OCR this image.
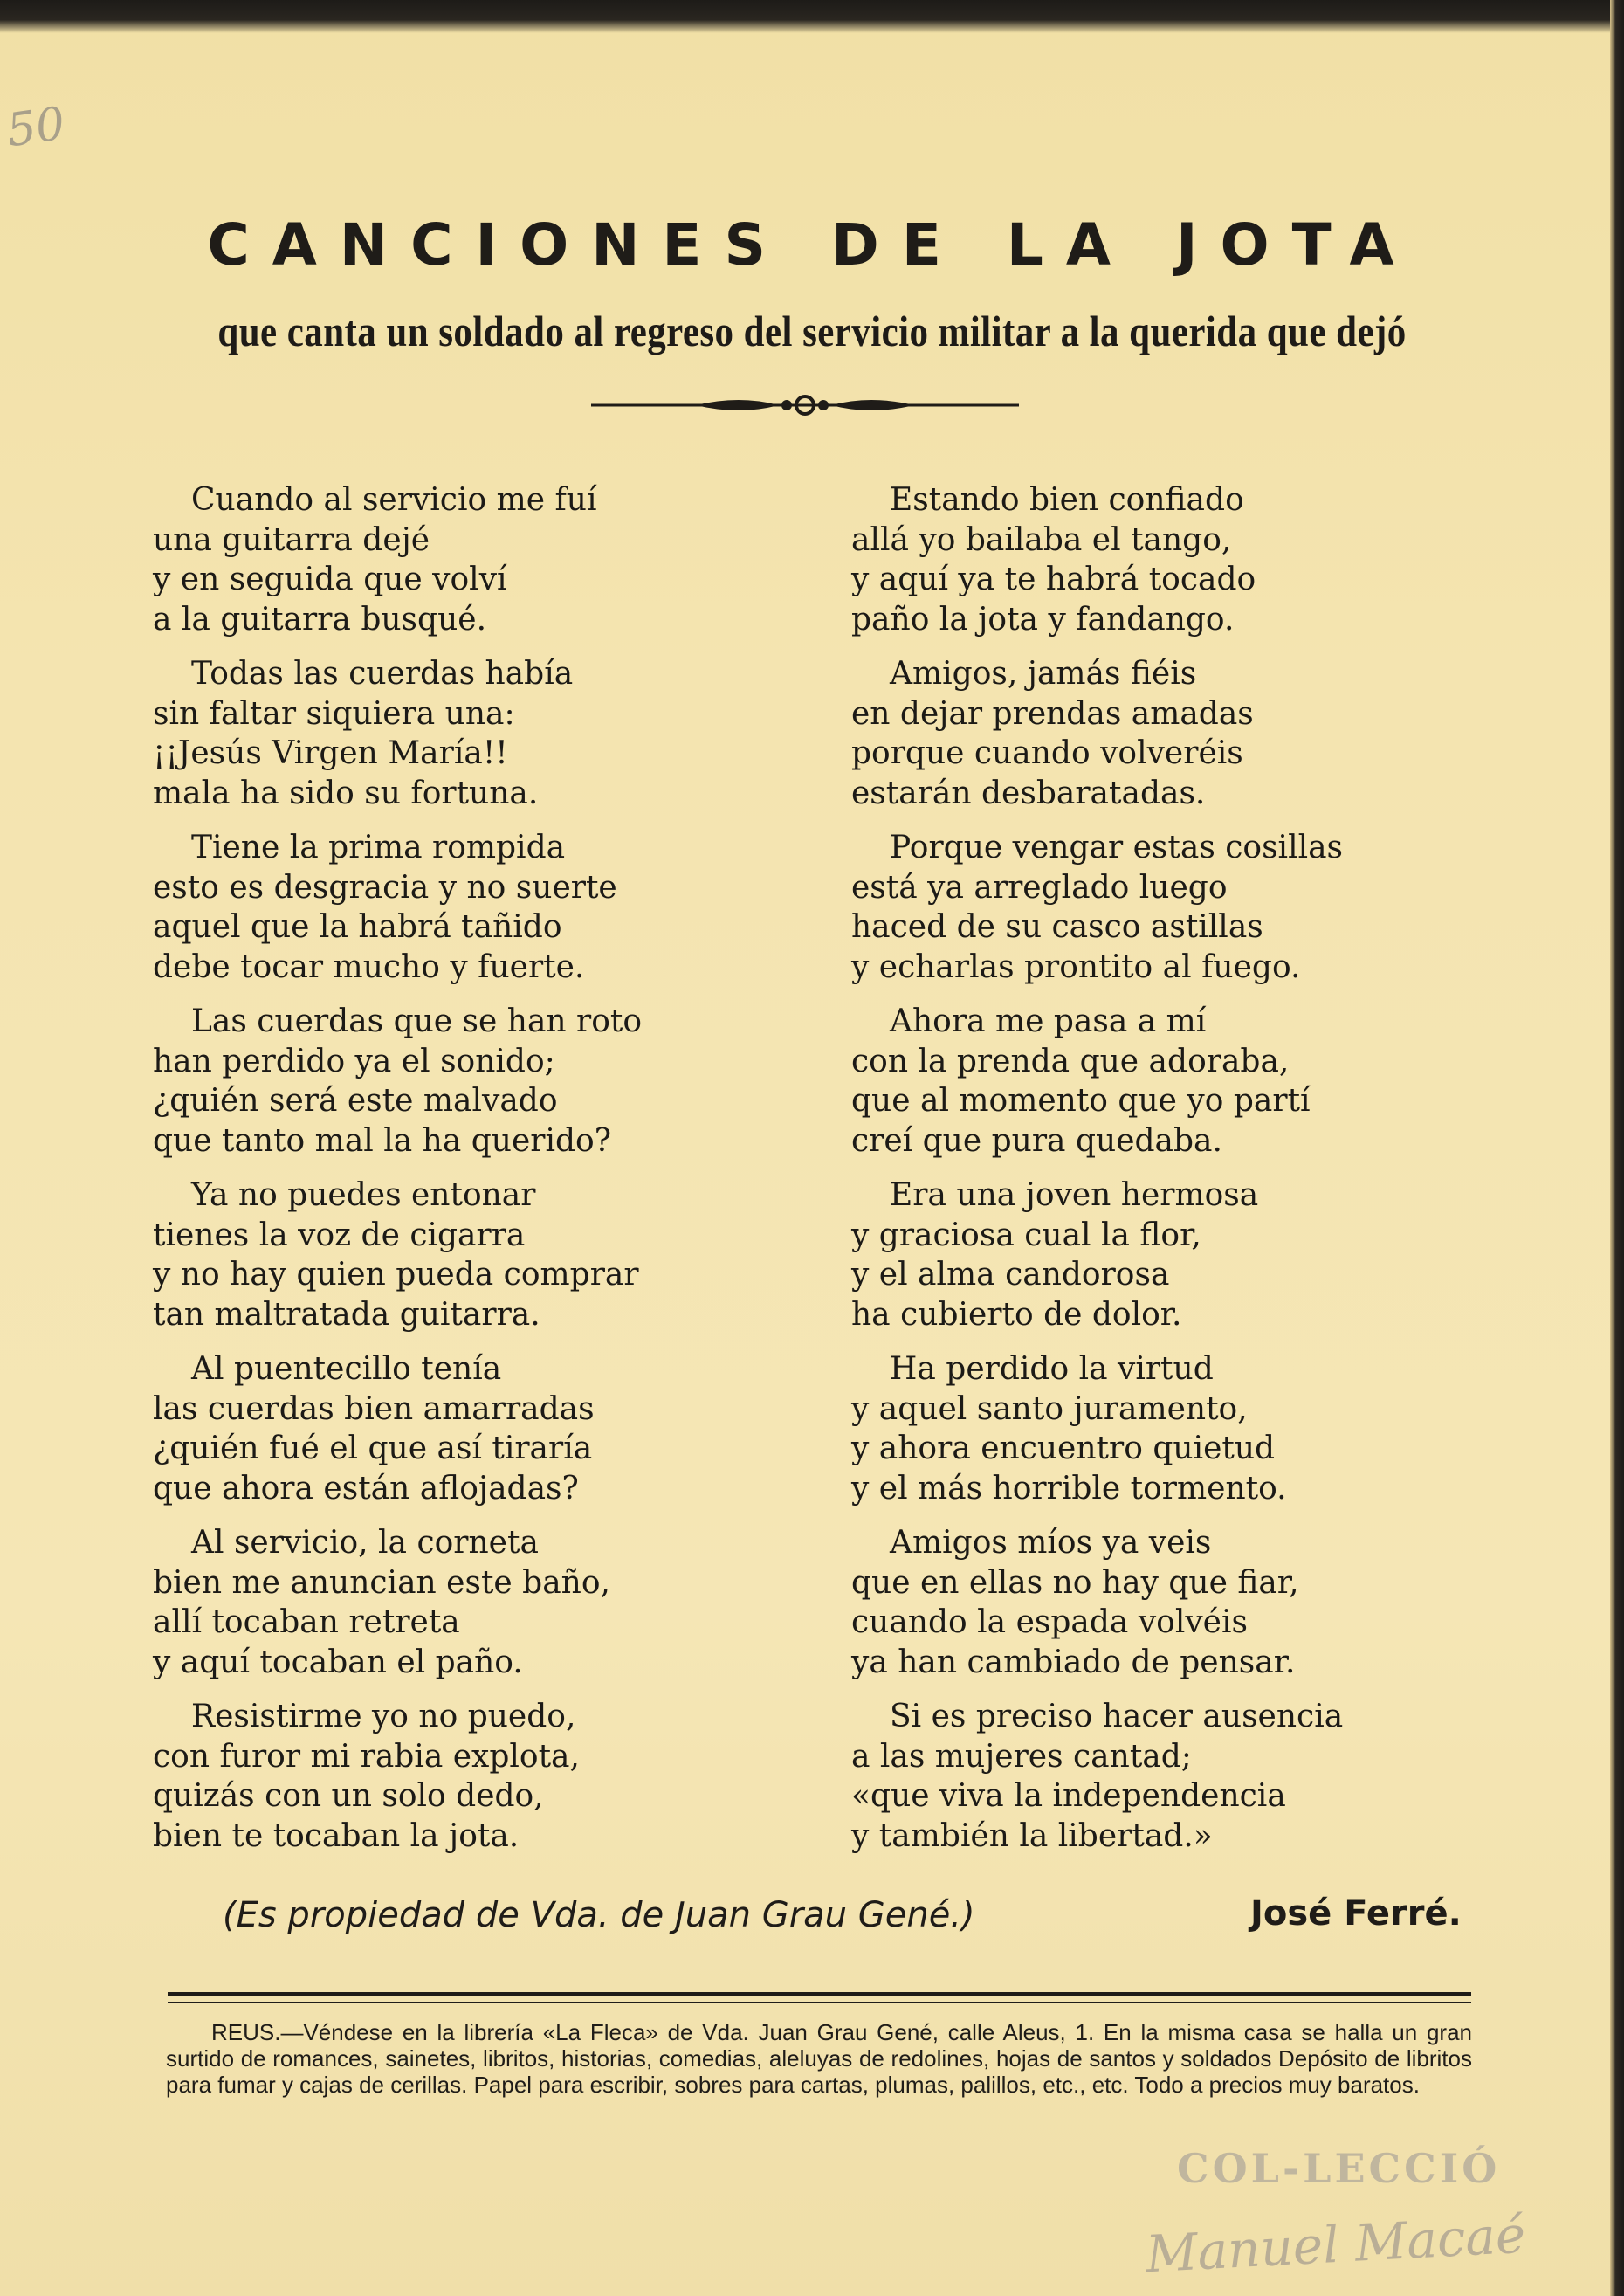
50
CANCIONES DE LA JOTA
que canta un soldado al regreso del servicio militar a la querida que dejó
Cuando al servicio me fuí
una guitarra dejé
y en seguida que volví
a la guitarra busqué.
Todas las cuerdas había
sin faltar siquiera una:
¡¡Jesús Virgen María!!
mala ha sido su fortuna.
Tiene la prima rompida
esto es desgracia y no suerte
aquel que la habrá tañido
debe tocar mucho y fuerte.
Las cuerdas que se han roto
han perdido ya el sonido;
¿quién será este malvado
que tanto mal la ha querido?
Ya no puedes entonar
tienes la voz de cigarra
y no hay quien pueda comprar
tan maltratada guitarra.
Al puentecillo tenía
las cuerdas bien amarradas
¿quién fué el que así tiraría
que ahora están aflojadas?
Al servicio, la corneta
bien me anuncian este baño,
allí tocaban retreta
y aquí tocaban el paño.
Resistirme yo no puedo,
con furor mi rabia explota,
quizás con un solo dedo,
bien te tocaban la jota.
Estando bien confiado
allá yo bailaba el tango,
y aquí ya te habrá tocado
paño la jota y fandango.
Amigos, jamás fiéis
en dejar prendas amadas
porque cuando volveréis
estarán desbaratadas.
Porque vengar estas cosillas
está ya arreglado luego
haced de su casco astillas
y echarlas prontito al fuego.
Ahora me pasa a mí
con la prenda que adoraba,
que al momento que yo partí
creí que pura quedaba.
Era una joven hermosa
y graciosa cual la flor,
y el alma candorosa
ha cubierto de dolor.
Ha perdido la virtud
y aquel santo juramento,
y ahora encuentro quietud
y el más horrible tormento.
Amigos míos ya veis
que en ellas no hay que fiar,
cuando la espada volvéis
ya han cambiado de pensar.
Si es preciso hacer ausencia
a las mujeres cantad;
«que viva la independencia
y también la libertad.»
(Es propiedad de Vda. de Juan Grau Gené.)	José Ferré.

REUS.—Véndese en la librería «La Fleca» de Vda. Juan Grau Gené, calle Aleus, 1. En la misma casa se halla un gran surtido de romances, sainetes, libritos, historias, comedias, aleluyas de redolines, hojas de santos y soldados Depósito de libritos para fumar y cajas de cerillas. Papel para escribir, sobres para cartas, plumas, palillos, etc., etc. Todo a precios muy baratos.

COL-LECCIÓ
Manuel Macaé
